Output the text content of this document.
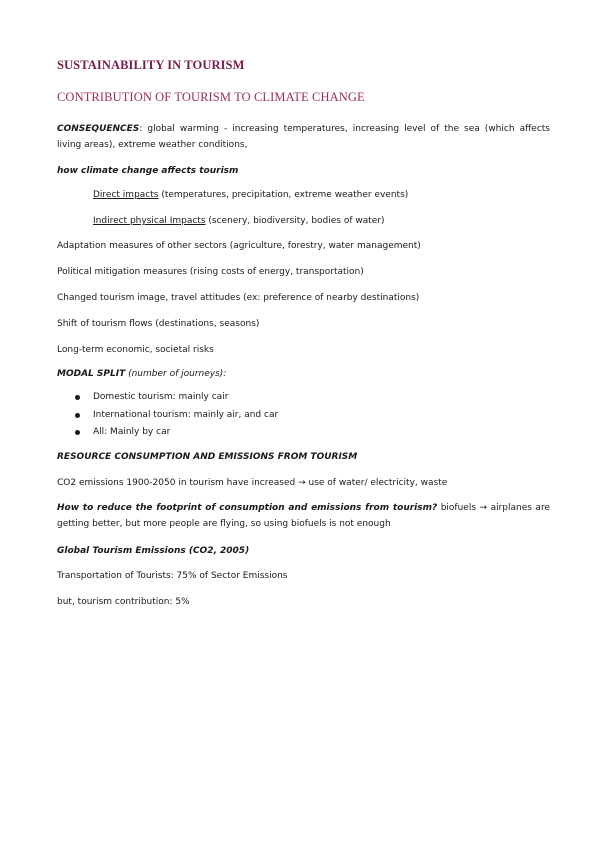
SUSTAINABILITY IN TOURISM
CONTRIBUTION OF TOURISM TO CLIMATE CHANGE
CONSEQUENCES: global warming - increasing temperatures, increasing level of the sea (which affects living areas), extreme weather conditions,
how climate change affects tourism
Direct impacts (temperatures, precipitation, extreme weather events)
Indirect physical Impacts (scenery, biodiversity, bodies of water)
Adaptation measures of other sectors (agriculture, forestry, water management)
Political mitigation measures (rising costs of energy, transportation)
Changed tourism image, travel attitudes (ex: preference of nearby destinations)
Shift of tourism flows (destinations, seasons)
Long-term economic, societal risks
MODAL SPLIT (number of journeys):
Domestic tourism: mainly cair
International tourism: mainly air, and car
All: Mainly by car
RESOURCE CONSUMPTION AND EMISSIONS FROM TOURISM
CO2 emissions 1900-2050 in tourism have increased → use of water/ electricity, waste
How to reduce the footprint of consumption and emissions from tourism? biofuels → airplanes are getting better, but more people are flying, so using biofuels is not enough
Global Tourism Emissions (CO2, 2005)
Transportation of Tourists: 75% of Sector Emissions
but, tourism contribution: 5%
